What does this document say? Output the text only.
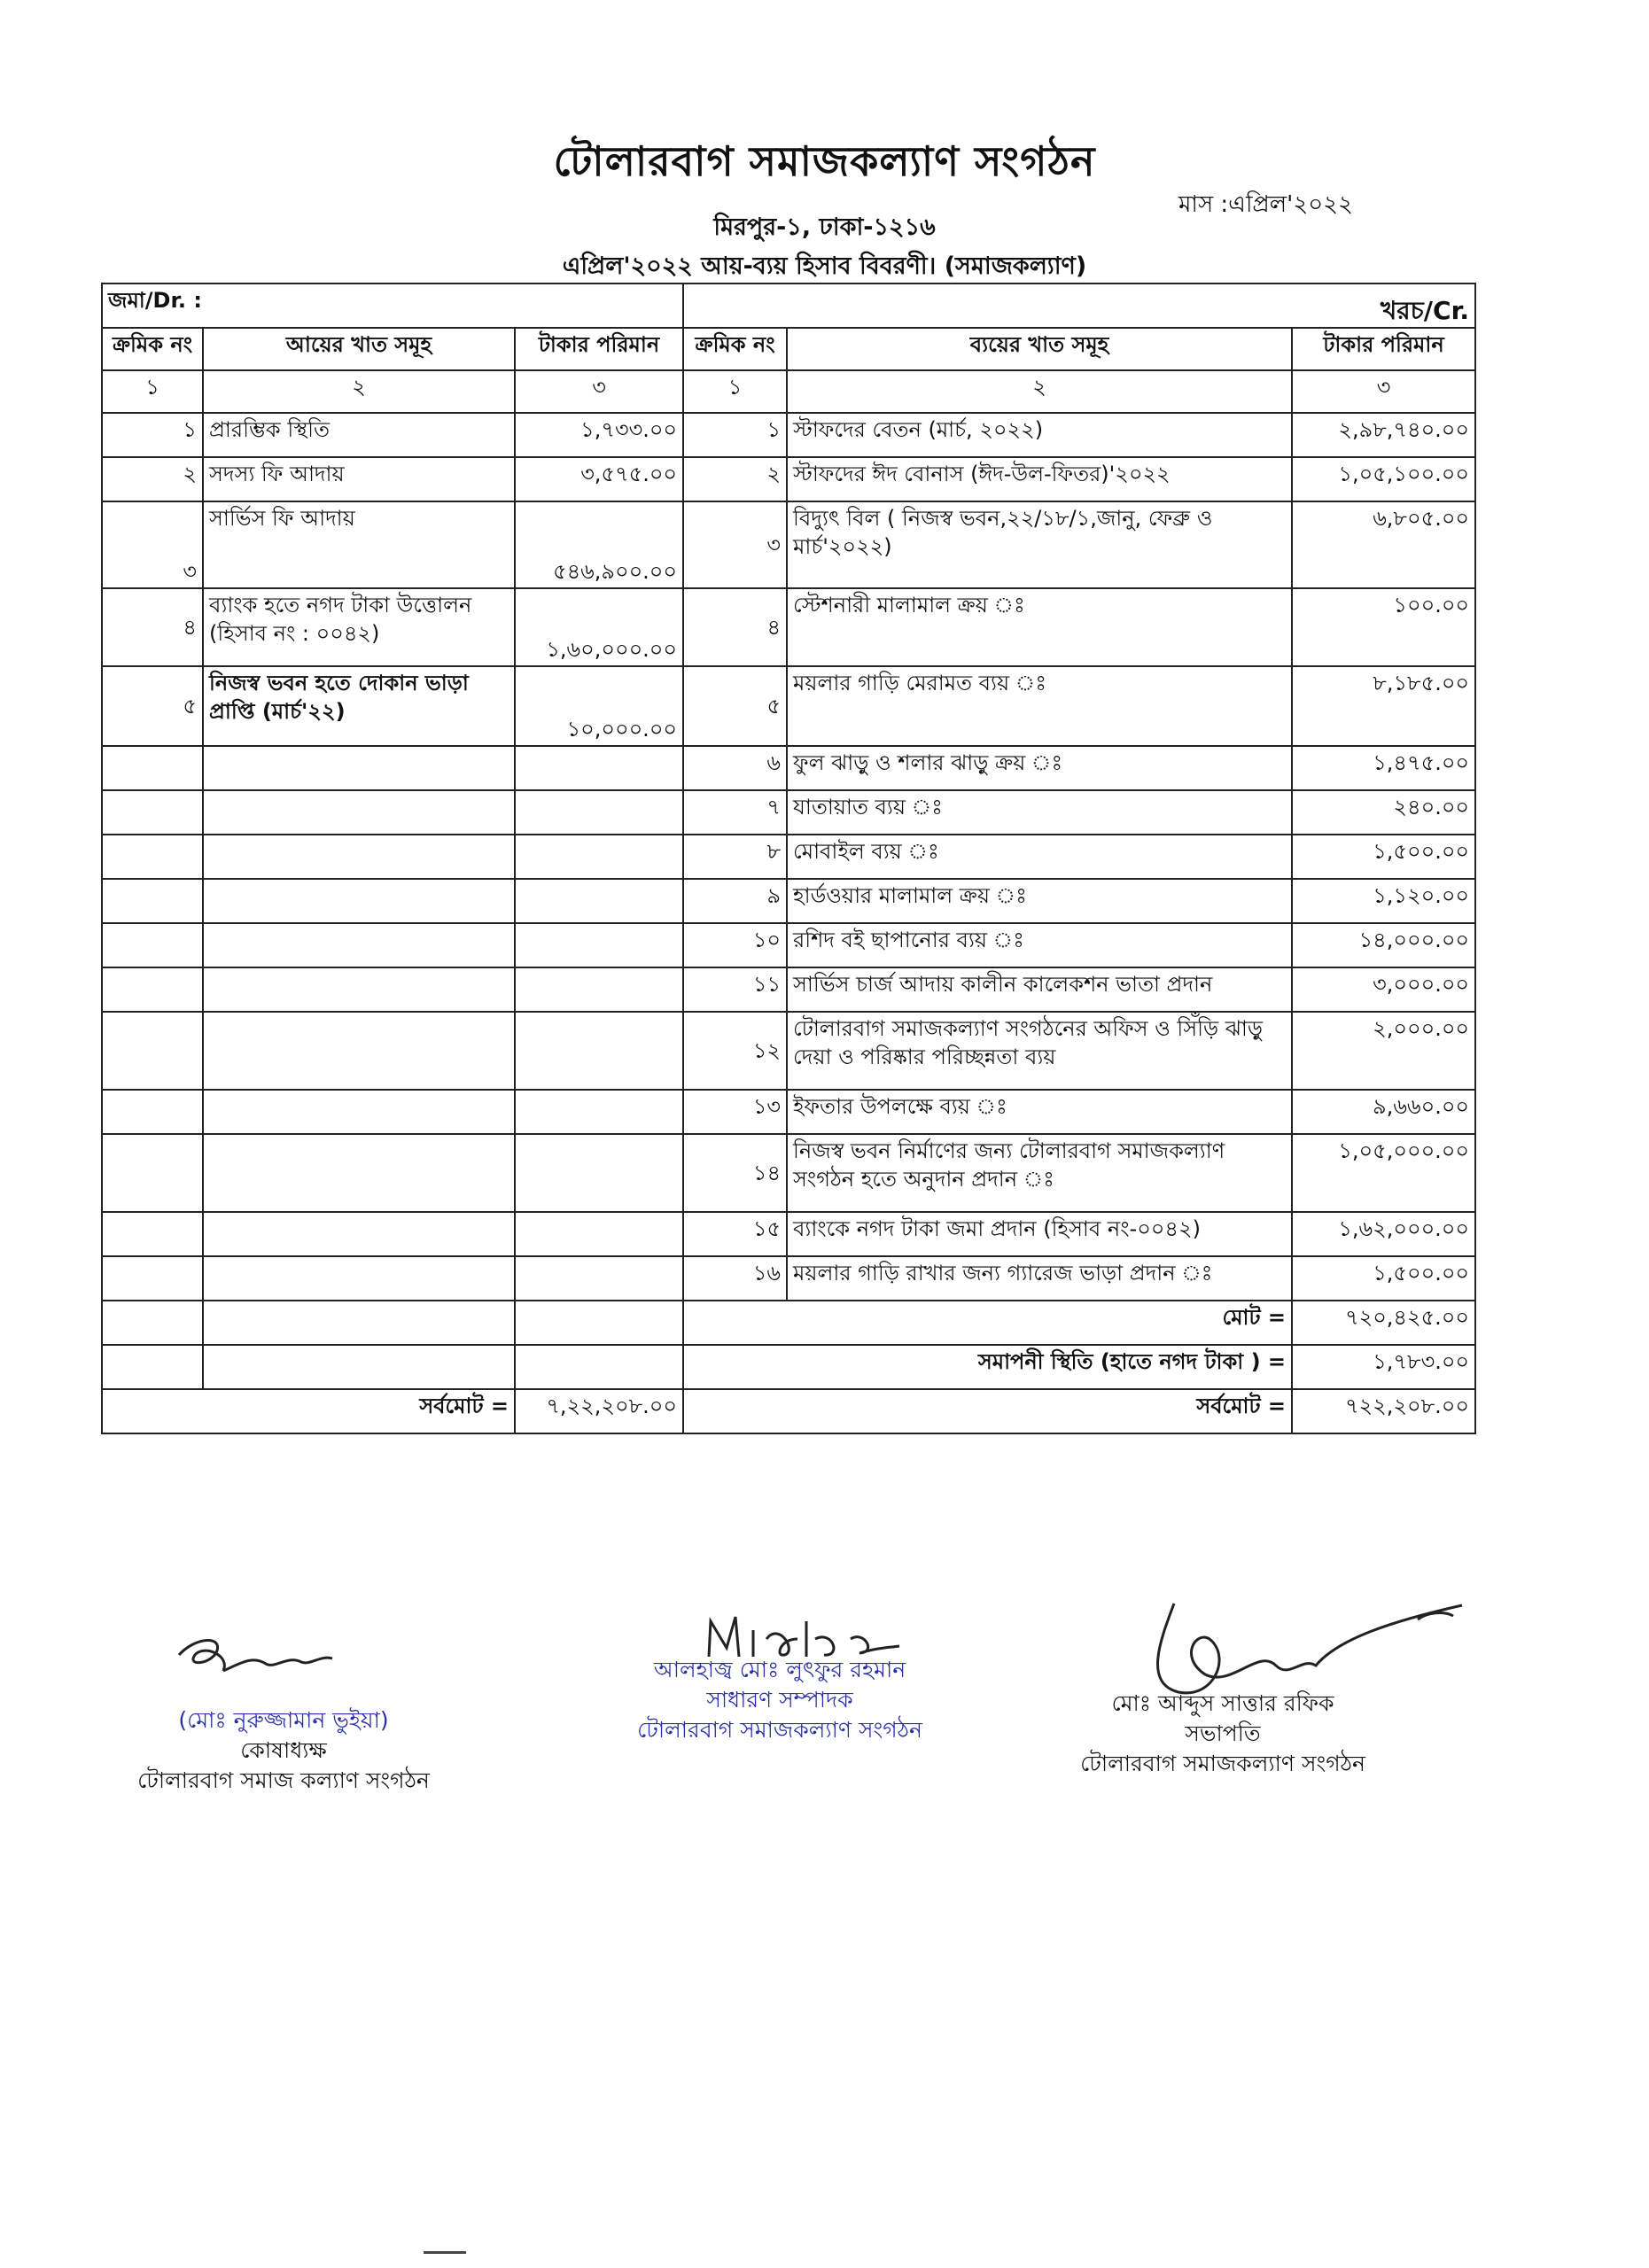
টোলারবাগ সমাজকল্যাণ সংগঠন
মাস :এপ্রিল'২০২২
মিরপুর-১, ঢাকা-১২১৬
এপ্রিল'২০২২ আয়-ব্যয় হিসাব বিবরণী। (সমাজকল্যাণ)
জমা/Dr. :			খরচ/Cr.		
ক্রমিক নং	আয়ের খাত সমূহ	টাকার পরিমান	ক্রমিক নং	ব্যয়ের খাত সমূহ	টাকার পরিমান
১	২	৩	১	২	৩
১	প্রারম্ভিক স্থিতি	১,৭৩৩.০০	১	স্টাফদের বেতন (মার্চ, ২০২২)	২,৯৮,৭৪০.০০
২	সদস্য ফি আদায়	৩,৫৭৫.০০	২	স্টাফদের ঈদ বোনাস (ঈদ-উল-ফিতর)'২০২২	১,০৫,১০০.০০
৩	সার্ভিস ফি আদায়	৫৪৬,৯০০.০০	৩	বিদ্যুৎ বিল ( নিজস্ব ভবন,২২/১৮/১,জানু, ফেব্রু ও মার্চ'২০২২)	৬,৮০৫.০০
৪	ব্যাংক হতে নগদ টাকা উত্তোলন (হিসাব নং : ০০৪২)	১,৬০,০০০.০০	৪	স্টেশনারী মালামাল ক্রয় ঃ	১০০.০০
৫	নিজস্ব ভবন হতে দোকান ভাড়া প্রাপ্তি (মার্চ'২২)	১০,০০০.০০	৫	ময়লার গাড়ি মেরামত ব্যয় ঃ	৮,১৮৫.০০
			৬	ফুল ঝাড়ু ও শলার ঝাড়ু ক্রয় ঃ	১,৪৭৫.০০
			৭	যাতায়াত ব্যয় ঃ	২৪০.০০
			৮	মোবাইল ব্যয় ঃ	১,৫০০.০০
			৯	হার্ডওয়ার মালামাল ক্রয় ঃ	১,১২০.০০
			১০	রশিদ বই ছাপানোর ব্যয় ঃ	১৪,০০০.০০
			১১	সার্ভিস চার্জ আদায় কালীন কালেকশন ভাতা প্রদান	৩,০০০.০০
			১২	টোলারবাগ সমাজকল্যাণ সংগঠনের অফিস ও সিঁড়ি ঝাড়ু দেয়া ও পরিষ্কার পরিচ্ছন্নতা ব্যয়	২,০০০.০০
			১৩	ইফতার উপলক্ষে ব্যয় ঃ	৯,৬৬০.০০
			১৪	নিজস্ব ভবন নির্মাণের জন্য টোলারবাগ সমাজকল্যাণ সংগঠন হতে অনুদান প্রদান ঃ	১,০৫,০০০.০০
			১৫	ব্যাংকে নগদ টাকা জমা প্রদান (হিসাব নং-০০৪২)	১,৬২,০০০.০০
			১৬	ময়লার গাড়ি রাখার জন্য গ্যারেজ ভাড়া প্রদান ঃ	১,৫০০.০০
				মোট =	৭২০,৪২৫.০০
				সমাপনী স্থিতি (হাতে নগদ টাকা ) =	১,৭৮৩.০০
	সর্বমোট =	৭,২২,২০৮.০০		সর্বমোট =	৭২২,২০৮.০০
(মোঃ নুরুজ্জামান ভুইয়া)
কোষাধ্যক্ষ
টোলারবাগ সমাজ কল্যাণ সংগঠন
আলহাজ্ব মোঃ লুৎফুর রহমান
সাধারণ সম্পাদক
টোলারবাগ সমাজকল্যাণ সংগঠন
মোঃ আব্দুস সাত্তার রফিক
সভাপতি
টোলারবাগ সমাজকল্যাণ সংগঠন
